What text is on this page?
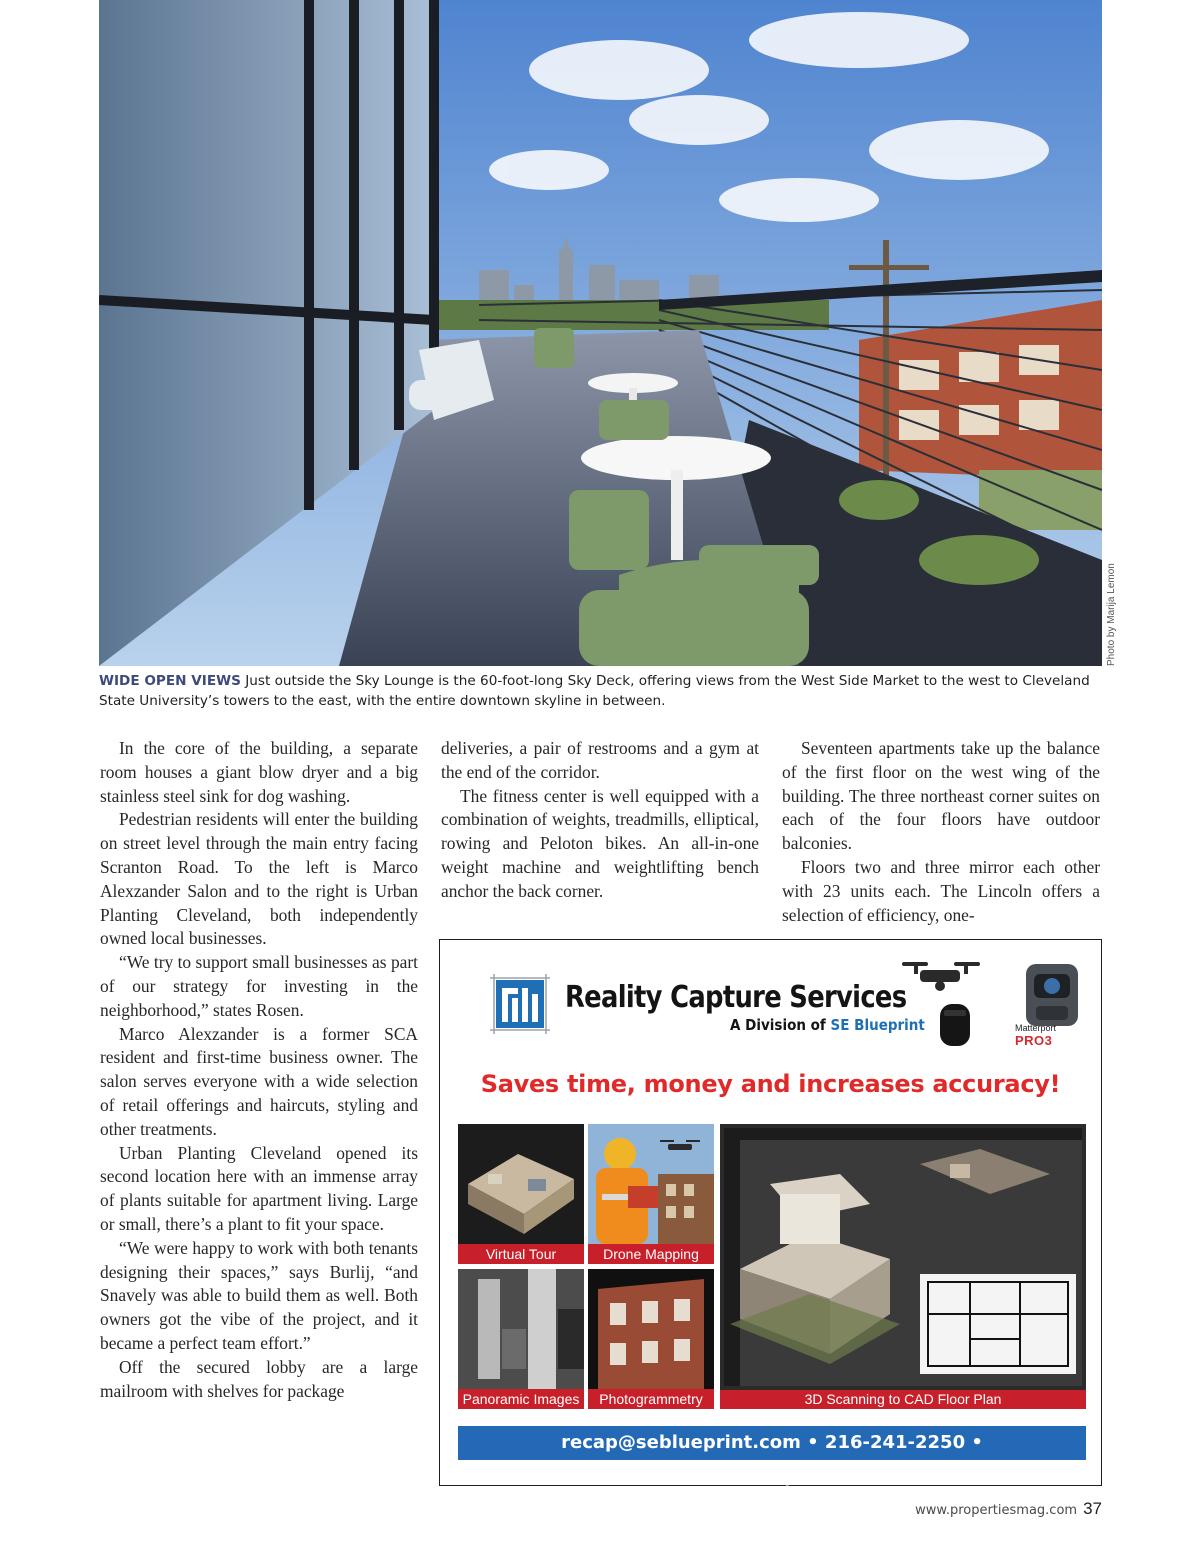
Photo by Marija Lemon
WIDE OPEN VIEWS Just outside the Sky Lounge is the 60-foot-long Sky Deck, offering views from the West Side Market to the west to Cleveland State University’s towers to the east, with the entire downtown skyline in between.

In the core of the building, a separate room houses a giant blow dryer and a big stainless steel sink for dog washing.

Pedestrian residents will enter the building on street level through the main entry facing Scranton Road. To the left is Marco Alexzander Salon and to the right is Urban Planting Cleveland, both independently owned local businesses.

“We try to support small businesses as part of our strategy for investing in the neighborhood,” states Rosen.

Marco Alexzander is a former SCA resident and first-time business owner. The salon serves everyone with a wide selection of retail offerings and haircuts, styling and other treatments.

Urban Planting Cleveland opened its second location here with an immense array of plants suitable for apartment living. Large or small, there’s a plant to fit your space.

“We were happy to work with both tenants designing their spaces,” says Burlij, “and Snavely was able to build them as well. Both owners got the vibe of the project, and it became a perfect team effort.”

Off the secured lobby are a large mailroom with shelves for package

deliveries, a pair of restrooms and a gym at the end of the corridor.

The fitness center is well equipped with a combination of weights, treadmills, elliptical, rowing and Peloton bikes. An all-in-one weight machine and weightlifting bench anchor the back corner.

Seventeen apartments take up the balance of the first floor on the west wing of the building. The three northeast corner suites on each of the four floors have outdoor balconies.

Floors two and three mirror each other with 23 units each. The Lincoln offers a selection of efficiency, one-

Reality Capture Services
A Division of SE Blueprint	Matterport
PRO3
Saves time, money and increases accuracy!
Virtual Tour	Drone Mapping
Panoramic Images	Photogrammetry	3D Scanning to CAD Floor Plan
recap@seblueprint.com • 216-241-2250 • www.seblueprint.com
www.propertiesmag.com 37
